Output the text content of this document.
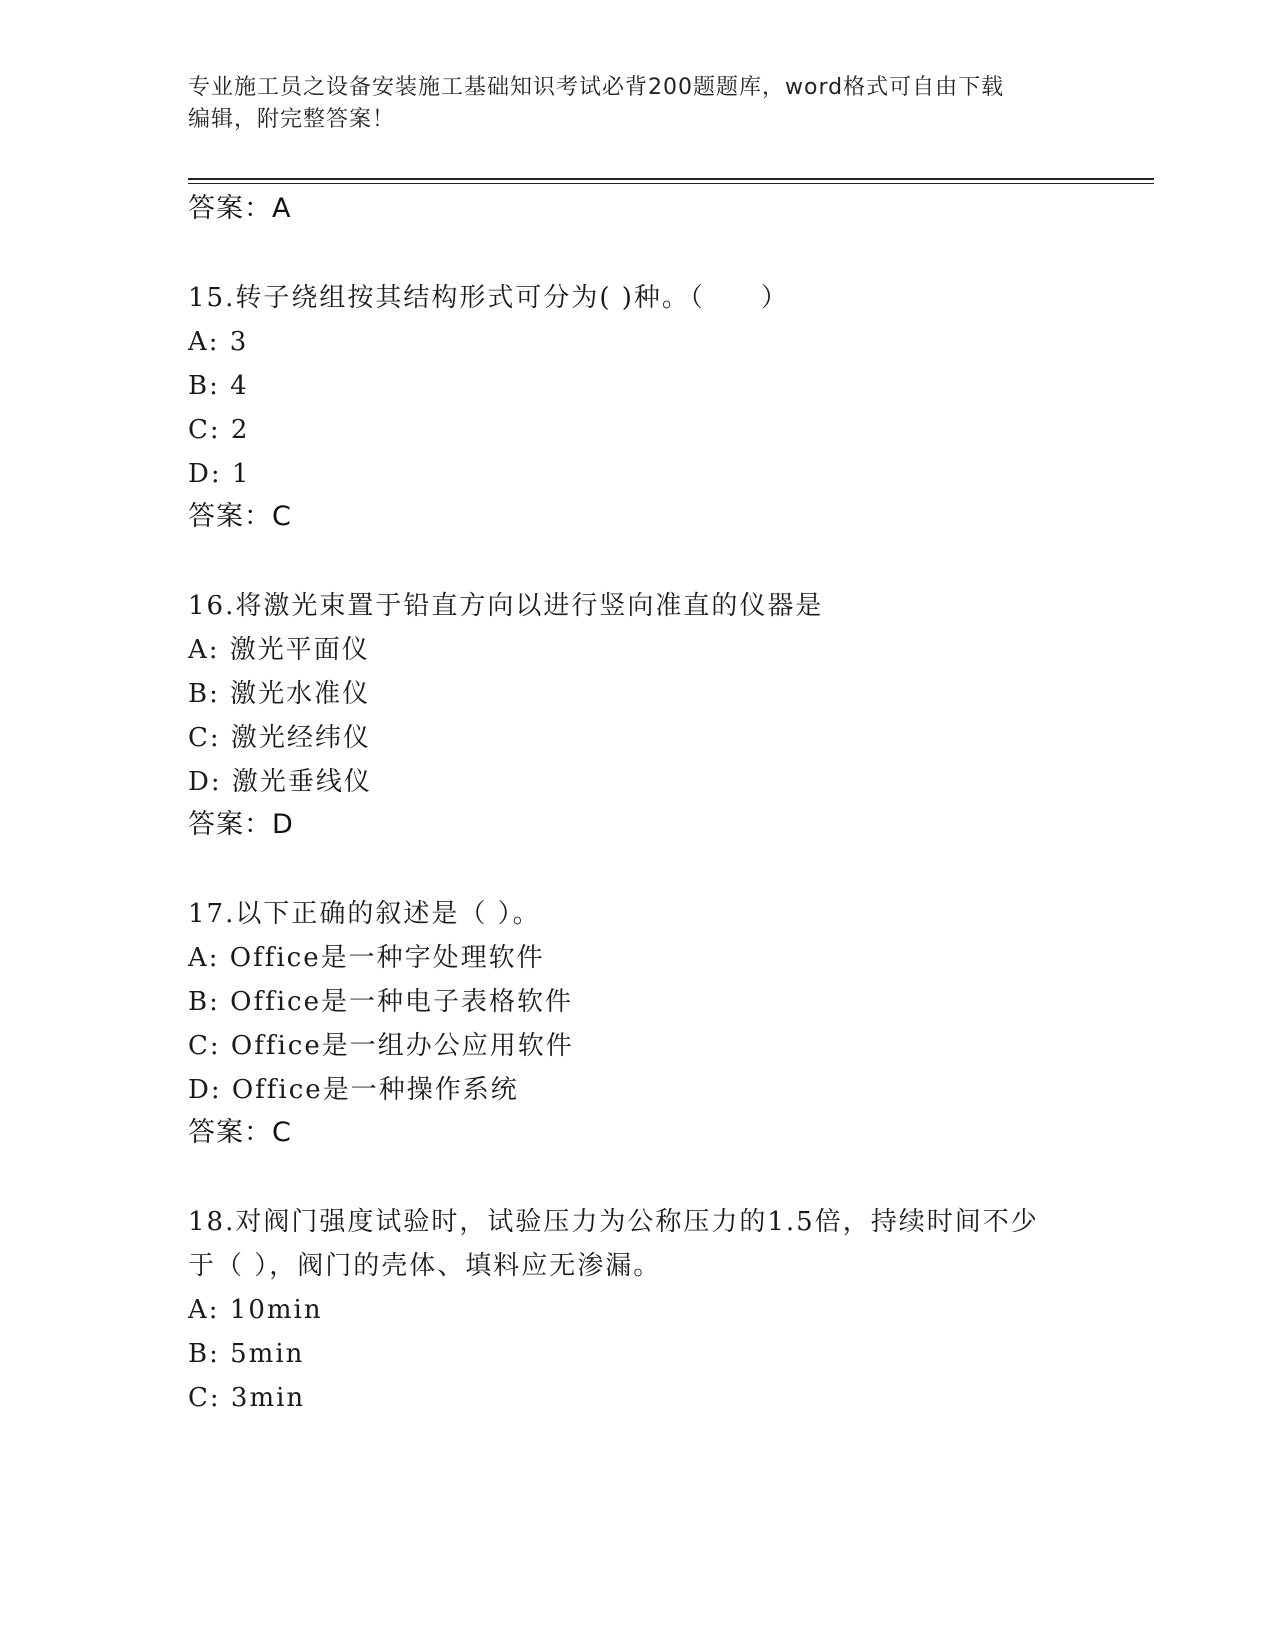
专业施工员之设备安装施工基础知识考试必背200题题库，word格式可自由下载
编辑，附完整答案！
答案：A
15.转子绕组按其结构形式可分为( )种。（　　）
A: 3
B: 4
C: 2
D: 1
答案：C
16.将激光束置于铅直方向以进行竖向准直的仪器是
A: 激光平面仪
B: 激光水准仪
C: 激光经纬仪
D: 激光垂线仪
答案：D
17.以下正确的叙述是（ ）。
A: Office是一种字处理软件
B: Office是一种电子表格软件
C: Office是一组办公应用软件
D: Office是一种操作系统
答案：C
18.对阀门强度试验时，试验压力为公称压力的1.5倍，持续时间不少
于（ ），阀门的壳体、填料应无渗漏。
A: 10min
B: 5min
C: 3min
